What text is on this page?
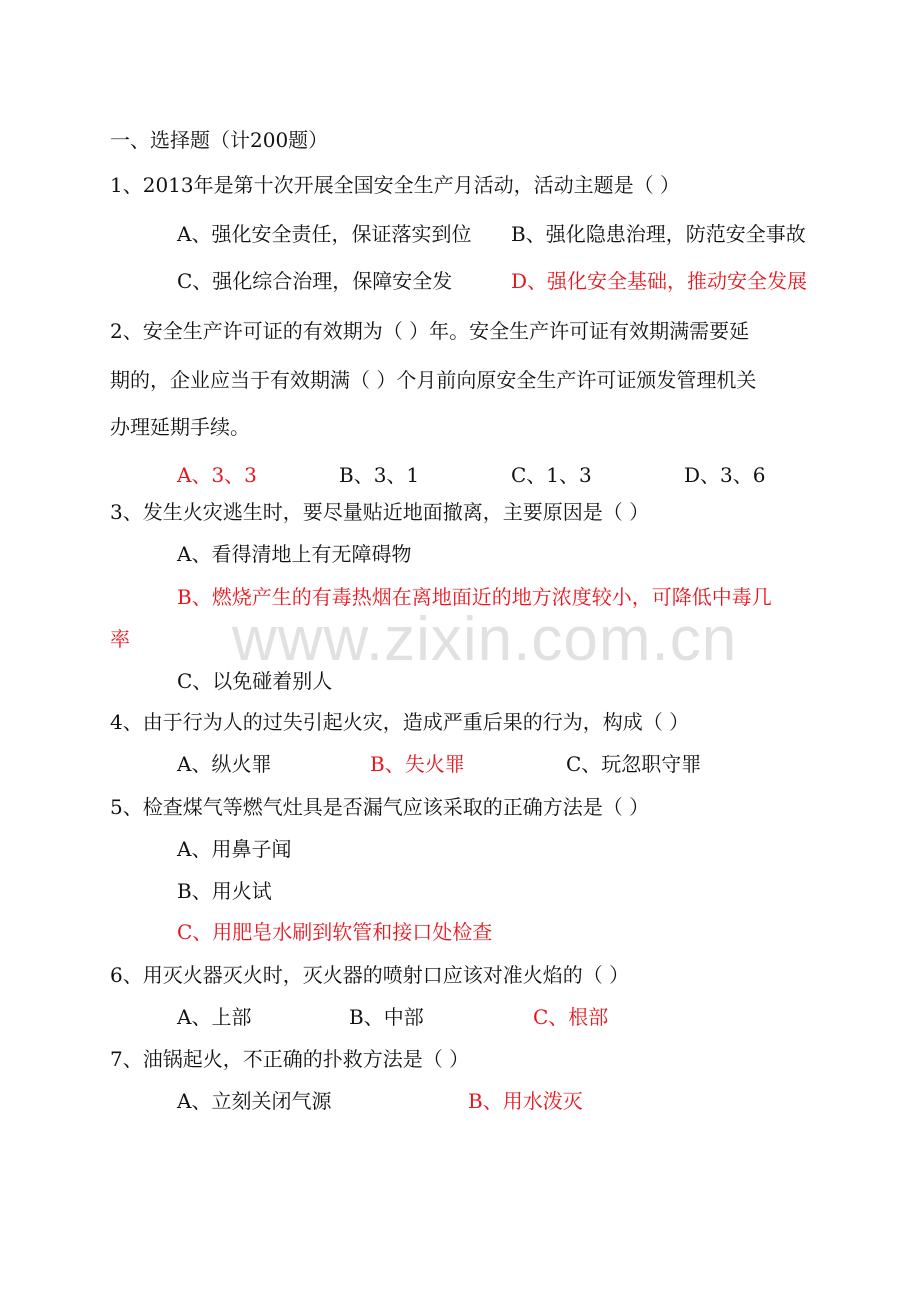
一、选择题（计200题）
1、2013年是第十次开展全国安全生产月活动，活动主题是（ ）
A、强化安全责任，保证落实到位 B、强化隐患治理，防范安全事故
C、强化综合治理，保障安全发	D、强化安全基础，推动安全发展
2、安全生产许可证的有效期为（ ）年。安全生产许可证有效期满需要延
期的，企业应当于有效期满（ ）个月前向原安全生产许可证颁发管理机关
办理延期手续。
A、3、3	B、3、1	C、1、3	D、3、6
3、发生火灾逃生时，要尽量贴近地面撤离，主要原因是（ ）
A、看得清地上有无障碍物
B、燃烧产生的有毒热烟在离地面近的地方浓度较小，可降低中毒几
率
C、以免碰着别人
4、由于行为人的过失引起火灾，造成严重后果的行为，构成（ ）
A、纵火罪	B、失火罪	C、玩忽职守罪
5、检查煤气等燃气灶具是否漏气应该采取的正确方法是（ ）
A、用鼻子闻
B、用火试
C、用肥皂水刷到软管和接口处检查
6、用灭火器灭火时，灭火器的喷射口应该对准火焰的（ ）
A、上部	B、中部	C、根部
7、油锅起火，不正确的扑救方法是（ ）
A、立刻关闭气源	B、用水泼灭
www.zixin.com.cn
